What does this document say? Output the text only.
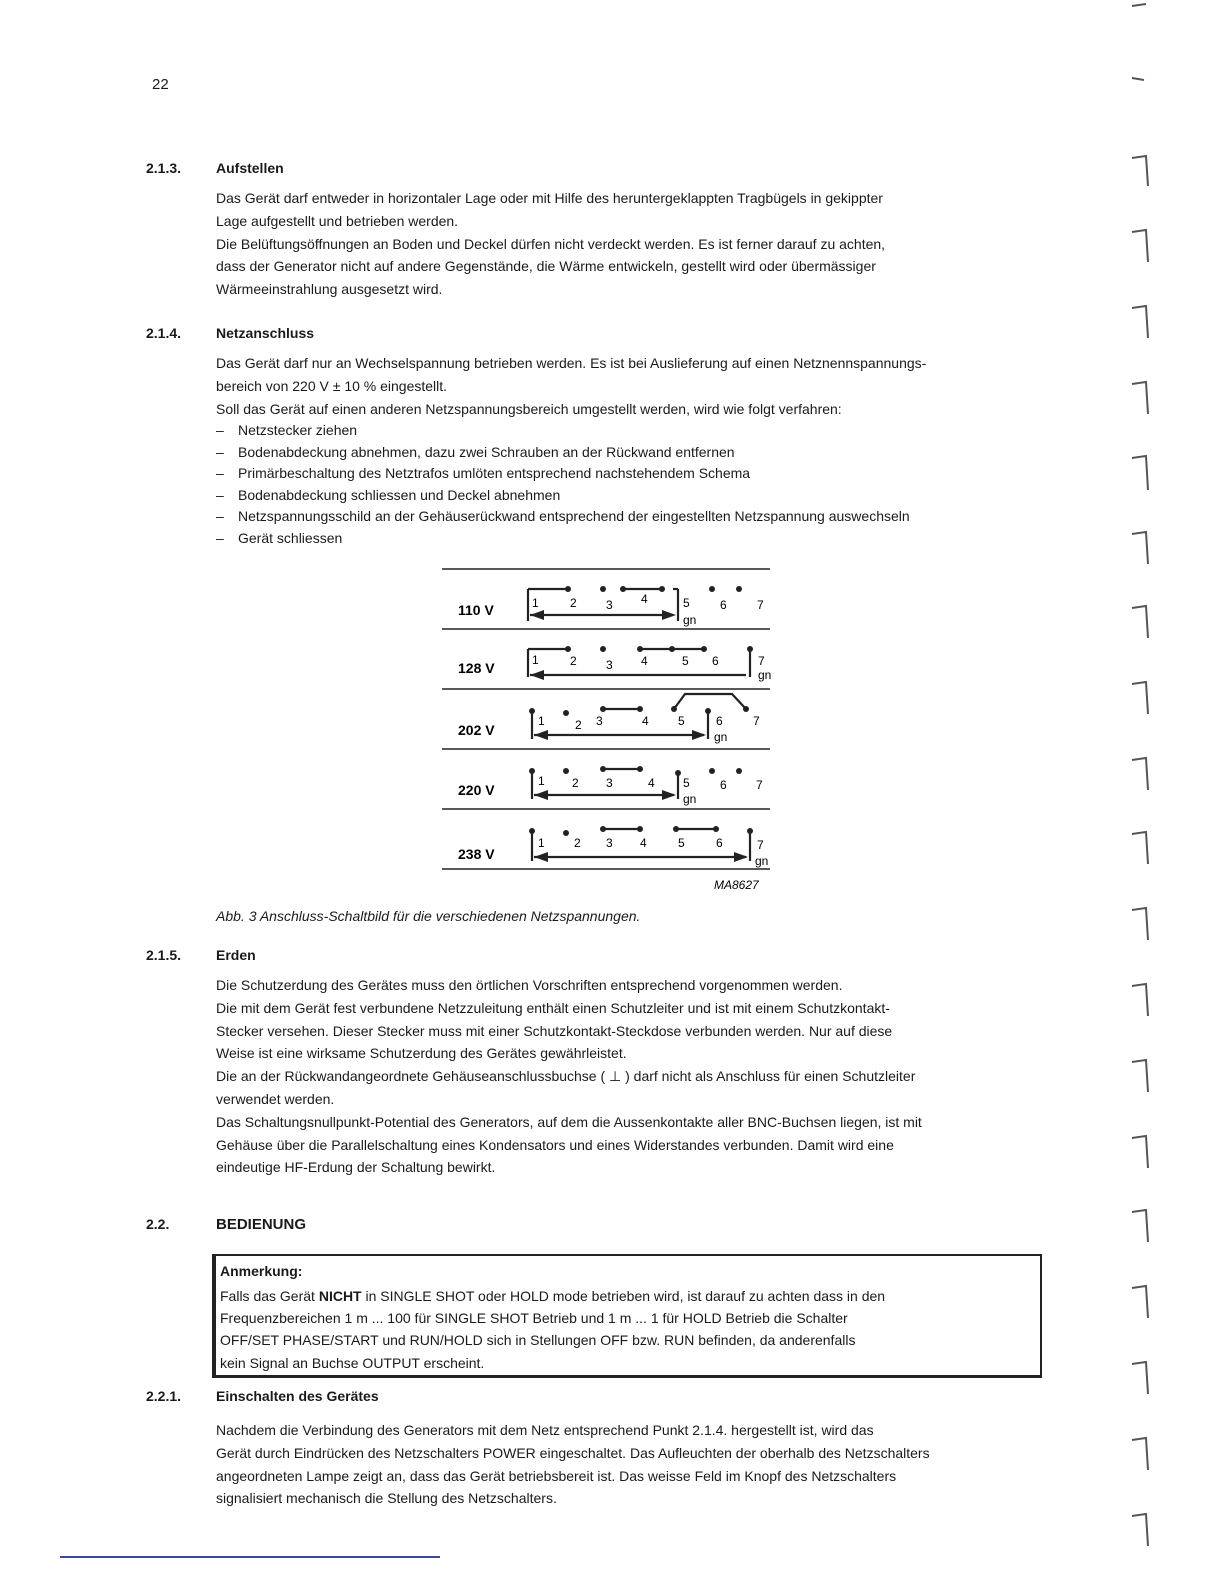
22
2.1.3. Aufstellen

Das Gerät darf entweder in horizontaler Lage oder mit Hilfe des heruntergeklappten Tragbügels in gekippter

Lage aufgestellt und betrieben werden.

Die Belüftungsöffnungen an Boden und Deckel dürfen nicht verdeckt werden. Es ist ferner darauf zu achten,

dass der Generator nicht auf andere Gegenstände, die Wärme entwickeln, gestellt wird oder übermässiger

Wärmeeinstrahlung ausgesetzt wird.

2.1.4. Netzanschluss

Das Gerät darf nur an Wechselspannung betrieben werden. Es ist bei Auslieferung auf einen Netznennspannungs-

bereich von 220 V ± 10 % eingestellt.

Soll das Gerät auf einen anderen Netzspannungsbereich umgestellt werden, wird wie folgt verfahren:

– Netzstecker ziehen
– Bodenabdeckung abnehmen, dazu zwei Schrauben an der Rückwand entfernen
– Primärbeschaltung des Netztrafos umlöten entsprechend nachstehendem Schema
– Bodenabdeckung schliessen und Deckel abnehmen
– Netzspannungsschild an der Gehäuserückwand entsprechend der eingestellten Netzspannung auswechseln
– Gerät schliessen
110 V	1	2 3 4	5	6	7
gn
128 V	1	2 3 4	5 6	7
gn
202 V
1	2 3	4 5	6	7
gn
220 V
1 2 3	4 5	6 7
gn
238 V
1 2 3 4	5	6	7
gn
MA8627
Abb. 3 Anschluss-Schaltbild für die verschiedenen Netzspannungen.
2.1.5. Erden

Die Schutzerdung des Gerätes muss den örtlichen Vorschriften entsprechend vorgenommen werden.

Die mit dem Gerät fest verbundene Netzzuleitung enthält einen Schutzleiter und ist mit einem Schutzkontakt-

Stecker versehen. Dieser Stecker muss mit einer Schutzkontakt-Steckdose verbunden werden. Nur auf diese

Weise ist eine wirksame Schutzerdung des Gerätes gewährleistet.

Die an der Rückwandangeordnete Gehäuseanschlussbuchse ( ⊥ ) darf nicht als Anschluss für einen Schutzleiter

verwendet werden.

Das Schaltungsnullpunkt-Potential des Generators, auf dem die Aussenkontakte aller BNC-Buchsen liegen, ist mit

Gehäuse über die Parallelschaltung eines Kondensators und eines Widerstandes verbunden. Damit wird eine

eindeutige HF-Erdung der Schaltung bewirkt.

2.2.	BEDIENUNG
Anmerkung:
Falls das Gerät NICHT in SINGLE SHOT oder HOLD mode betrieben wird, ist darauf zu achten dass in den
Frequenzbereichen 1 m ... 100 für SINGLE SHOT Betrieb und 1 m ... 1 für HOLD Betrieb die Schalter
OFF/SET PHASE/START und RUN/HOLD sich in Stellungen OFF bzw. RUN befinden, da anderenfalls
kein Signal an Buchse OUTPUT erscheint.
2.2.1. Einschalten des Gerätes

Nachdem die Verbindung des Generators mit dem Netz entsprechend Punkt 2.1.4. hergestellt ist, wird das

Gerät durch Eindrücken des Netzschalters POWER eingeschaltet. Das Aufleuchten der oberhalb des Netzschalters

angeordneten Lampe zeigt an, dass das Gerät betriebsbereit ist. Das weisse Feld im Knopf des Netzschalters

signalisiert mechanisch die Stellung des Netzschalters.
